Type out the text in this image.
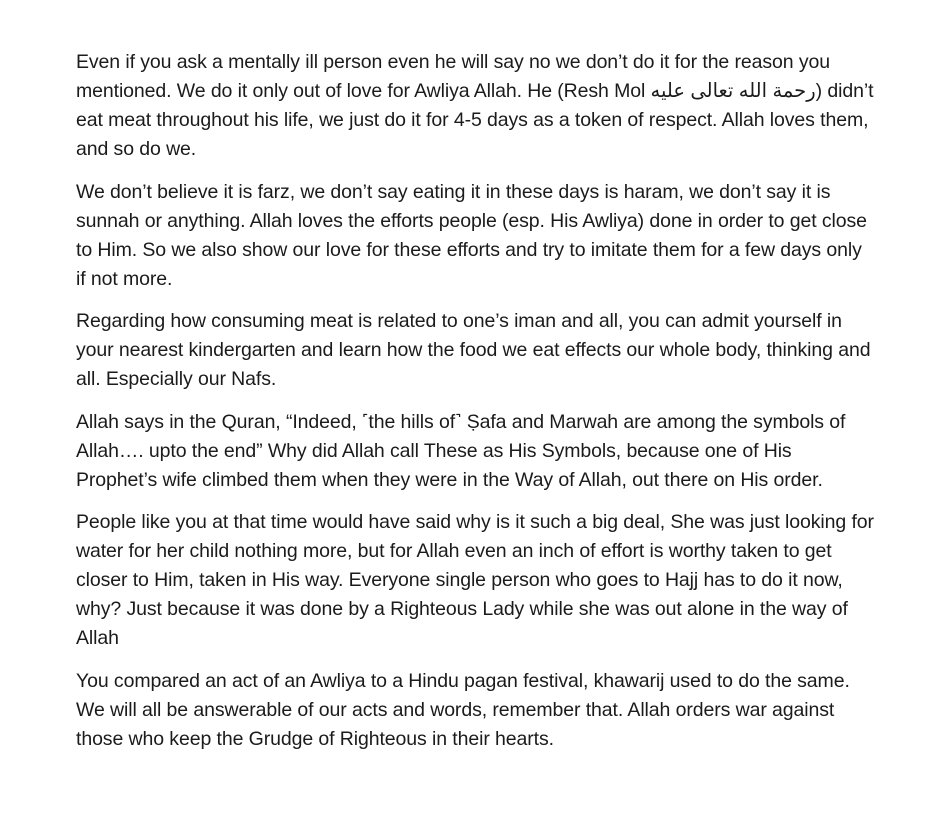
Even if you ask a mentally ill person even he will say no we don’t do it for the reason you mentioned. We do it only out of love for Awliya Allah. He (Resh Mol رحمة الله تعالى عليه) didn’t eat meat throughout his life, we just do it for 4-5 days as a token of respect. Allah loves them, and so do we.

We don’t believe it is farz, we don’t say eating it in these days is haram, we don’t say it is sunnah or anything. Allah loves the efforts people (esp. His Awliya) done in order to get close to Him. So we also show our love for these efforts and try to imitate them for a few days only if not more.

Regarding how consuming meat is related to one’s iman and all, you can admit yourself in your nearest kindergarten and learn how the food we eat effects our whole body, thinking and all. Especially our Nafs.

Allah says in the Quran, “Indeed, ˹the hills of˺ Ṣafa and Marwah are among the symbols of Allah…. upto the end” Why did Allah call These as His Symbols, because one of His Prophet’s wife climbed them when they were in the Way of Allah, out there on His order.

People like you at that time would have said why is it such a big deal, She was just looking for water for her child nothing more, but for Allah even an inch of effort is worthy taken to get closer to Him, taken in His way. Everyone single person who goes to Hajj has to do it now, why? Just because it was done by a Righteous Lady while she was out alone in the way of Allah

You compared an act of an Awliya to a Hindu pagan festival, khawarij used to do the same. We will all be answerable of our acts and words, remember that. Allah orders war against those who keep the Grudge of Righteous in their hearts.
